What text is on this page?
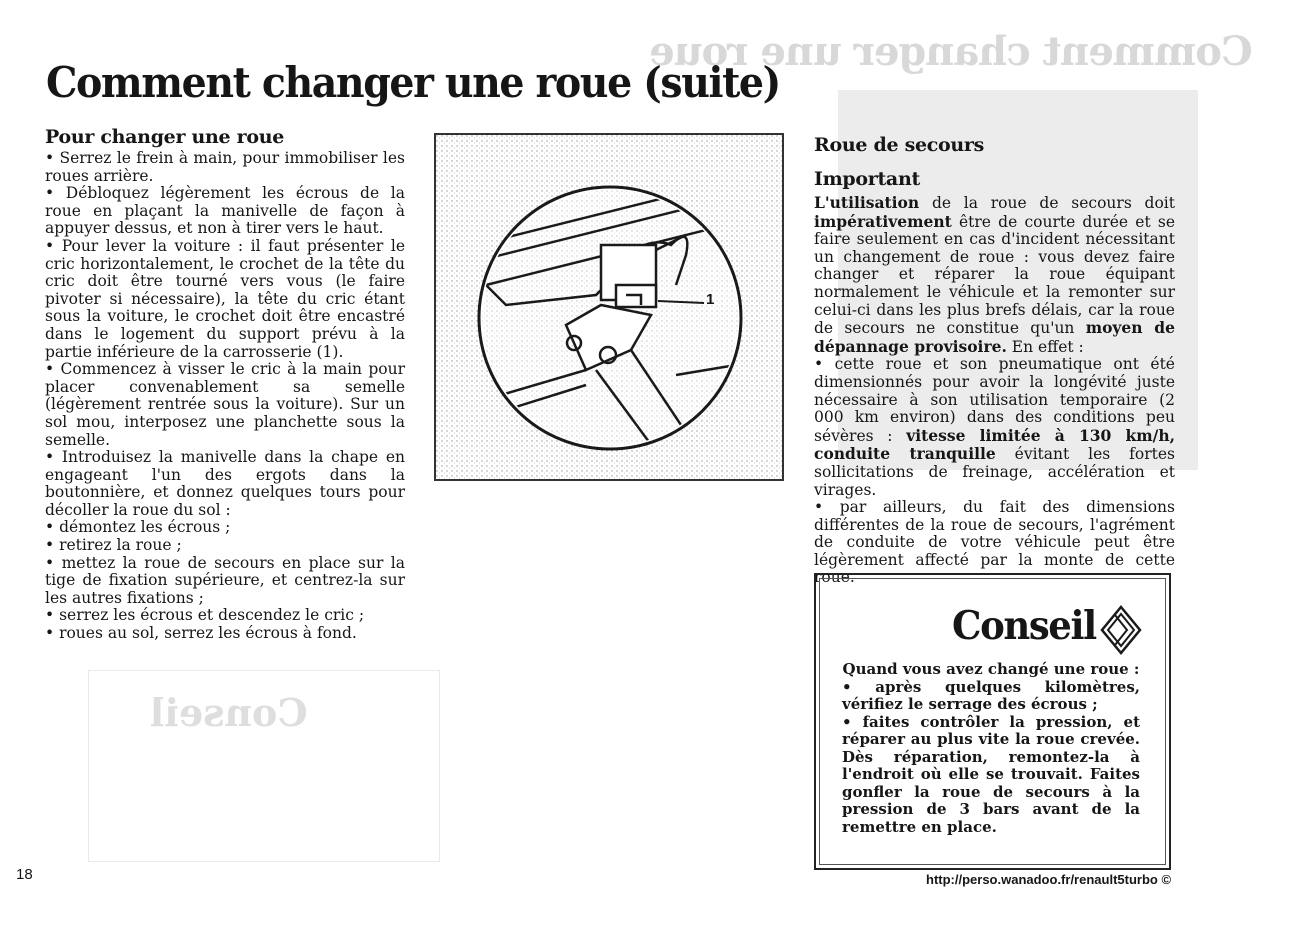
Comment changer une roue
Conseil
Comment changer une roue (suite)
Pour changer une roue

• Serrez le frein à main, pour immobiliser les roues arrière.

• Débloquez légèrement les écrous de la roue en plaçant la manivelle de façon à appuyer dessus, et non à tirer vers le haut.

• Pour lever la voiture : il faut présenter le cric horizontalement, le crochet de la tête du cric doit être tourné vers vous (le faire pivoter si nécessaire), la tête du cric étant sous la voiture, le crochet doit être encastré dans le logement du support prévu à la partie inférieure de la carrosserie (1).

• Commencez à visser le cric à la main pour placer convenablement sa semelle (légèrement rentrée sous la voiture). Sur un sol mou, interposez une planchette sous la semelle.

• Introduisez la manivelle dans la chape en engageant l'un des ergots dans la boutonnière, et donnez quelques tours pour décoller la roue du sol :

• démontez les écrous ;

• retirez la roue ;

• mettez la roue de secours en place sur la tige de fixation supérieure, et centrez-la sur les autres fixations ;

• serrez les écrous et descendez le cric ;

• roues au sol, serrez les écrous à fond.

1
Roue de secours
Important

L'utilisation de la roue de secours doit impérativement être de courte durée et se faire seulement en cas d'incident nécessitant un changement de roue : vous devez faire changer et réparer la roue équipant normalement le véhicule et la remonter sur celui-ci dans les plus brefs délais, car la roue de secours ne constitue qu'un moyen de dépannage provisoire. En effet :

• cette roue et son pneumatique ont été dimensionnés pour avoir la longévité juste nécessaire à son utilisation temporaire (2 000 km environ) dans des conditions peu sévères : vitesse limitée à 130 km/h, conduite tranquille évitant les fortes sollicitations de freinage, accélération et virages.

• par ailleurs, du fait des dimensions différentes de la roue de secours, l'agrément de conduite de votre véhicule peut être légèrement affecté par la monte de cette roue.

Conseil

Quand vous avez changé une roue :

• après quelques kilomètres, vérifiez le serrage des écrous ;

• faites contrôler la pression, et réparer au plus vite la roue crevée. Dès réparation, remontez-la à l'endroit où elle se trouvait. Faites gonfler la roue de secours à la pression de 3 bars avant de la remettre en place.

18	http://perso.wanadoo.fr/renault5turbo ©
